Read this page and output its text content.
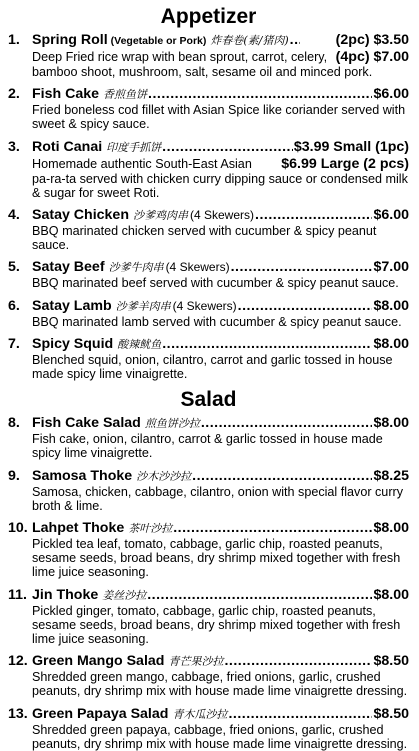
Appetizer
1. Spring Roll (Vegetable or Pork) 炸春卷(素/猪肉) .....	(2pc) $3.50
Deep Fried rice wrap with bean sprout, carrot, celery, (4pc) $7.00
bamboo shoot, mushroom, salt, sesame oil and minced pork.
2. Fish Cake 香煎鱼饼 .....	$6.00
Fried boneless cod fillet with Asian Spice like coriander served with sweet & spicy sauce.
3. Roti Canai 印度手抓饼 .....	$3.99 Small (1pc)
Homemade authentic South-East Asian $6.99 Large (2 pcs)
pa-ra-ta served with chicken curry dipping sauce or condensed milk & sugar for sweet Roti.
4. Satay Chicken 沙爹鸡肉串 (4 Skewers) .....	$6.00
BBQ marinated chicken served with cucumber & spicy peanut sauce.
5. Satay Beef 沙爹牛肉串 (4 Skewers) .....	$7.00
BBQ marinated beef served with cucumber & spicy peanut sauce.
6. Satay Lamb 沙爹羊肉串 (4 Skewers) .....	$8.00
BBQ marinated lamb served with cucumber & spicy peanut sauce.
7. Spicy Squid 酸辣鱿鱼 .....	$8.00
Blenched squid, onion, cilantro, carrot and garlic tossed in house made spicy lime vinaigrette.
Salad
8. Fish Cake Salad 煎鱼饼沙拉 .....	$8.00
Fish cake, onion, cilantro, carrot & garlic tossed in house made spicy lime vinaigrette.
9. Samosa Thoke 沙木沙沙拉 .....	$8.25
Samosa, chicken, cabbage, cilantro, onion with special flavor curry broth & lime.
10. Lahpet Thoke 茶叶沙拉 .....	$8.00
Pickled tea leaf, tomato, cabbage, garlic chip, roasted peanuts, sesame seeds, broad beans, dry shrimp mixed together with fresh lime juice seasoning.
11. Jin Thoke 姜丝沙拉 .....	$8.00
Pickled ginger, tomato, cabbage, garlic chip, roasted peanuts, sesame seeds, broad beans, dry shrimp mixed together with fresh lime juice seasoning.
12. Green Mango Salad 青芒果沙拉 .....	$8.50
Shredded green mango, cabbage, fried onions, garlic, crushed peanuts, dry shrimp mix with house made lime vinaigrette dressing.
13. Green Papaya Salad 青木瓜沙拉 .....	$8.50
Shredded green papaya, cabbage, fried onions, garlic, crushed peanuts, dry shrimp mix with house made lime vinaigrette dressing.
